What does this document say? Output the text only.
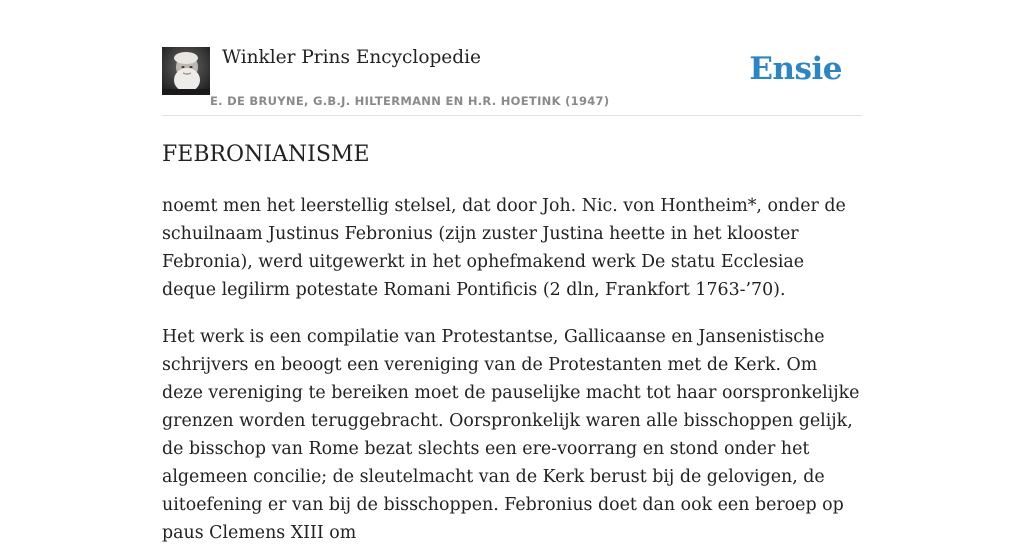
Winkler Prins Encyclopedie
E. DE BRUYNE, G.B.J. HILTERMANN EN H.R. HOETINK (1947)
Ensie
FEBRONIANISME

noemt men het leerstellig stelsel, dat door Joh. Nic. von Hontheim*, onder de schuilnaam Justinus Febronius (zijn zuster Justina heette in het klooster Febronia), werd uitgewerkt in het ophefmakend werk De statu Ecclesiae deque legilirm potestate Romani Pontificis (2 dln, Frankfort 1763-’70).

Het werk is een compilatie van Protestantse, Gallicaanse en Jansenistische schrijvers en beoogt een vereniging van de Protestanten met de Kerk. Om deze vereniging te bereiken moet de pauselijke macht tot haar oorspronkelijke grenzen worden teruggebracht. Oorspronkelijk waren alle bisschoppen gelijk, de bisschop van Rome bezat slechts een ere-voorrang en stond onder het algemeen concilie; de sleutelmacht van de Kerk berust bij de gelovigen, de uitoefening er van bij de bisschoppen. Febronius doet dan ook een beroep op paus Clemens XIII om
